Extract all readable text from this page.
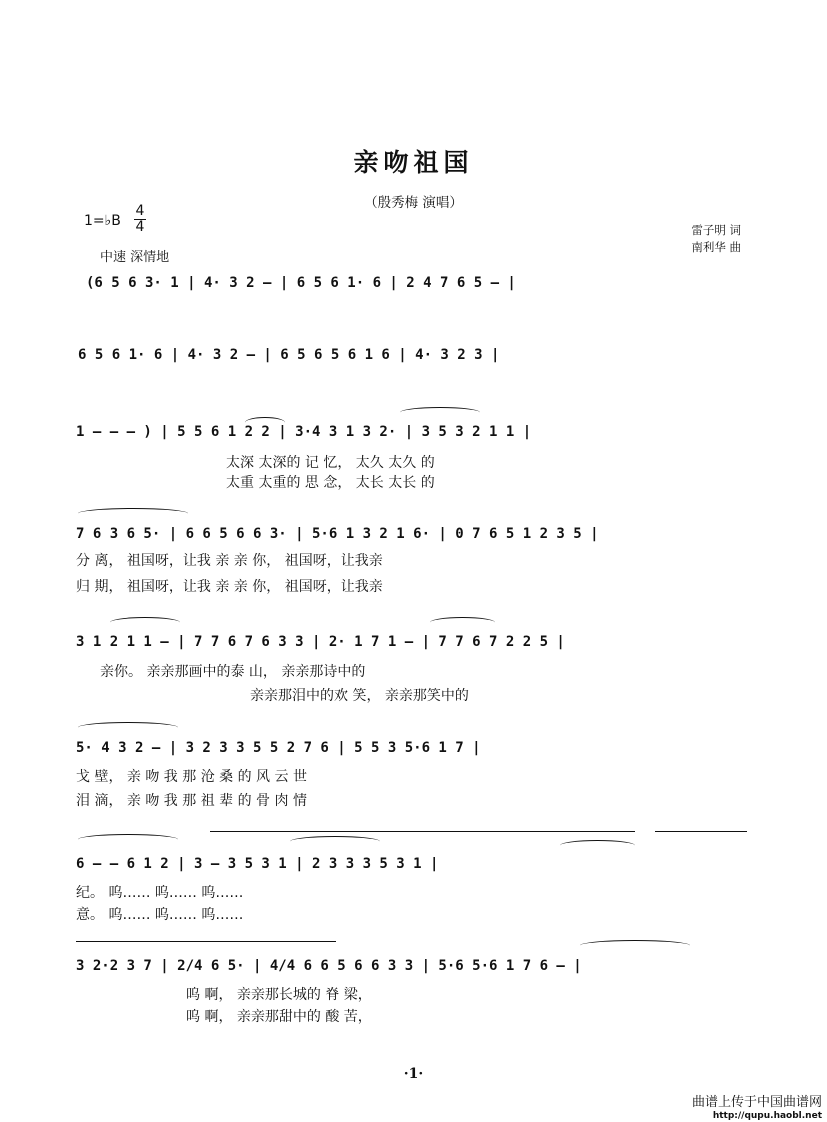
亲吻祖国
（殷秀梅 演唱）
1=♭B
4
4	雷子明 词
南利华 曲
中速 深情地
(6 5 6 3· 1 | 4· 3 2 – | 6 5 6 1· 6 | 2 4 7 6 5 – |
6 5 6 1· 6 | 4· 3 2 – | 6 5 6 5 6 1 6 | 4· 3 2 3 |
1 – – – ) | 5 5 6 1 2 2 | 3·4 3 1 3 2· | 3 5 3 2 1 1 |
太深 太深的 记 忆， 太久 太久 的
太重 太重的 思 念， 太长 太长 的
7 6 3 6 5· | 6 6 5 6 6 3· | 5·6 1 3 2 1 6· | 0 7 6 5 1 2 3 5 |
分 离， 祖国呀，让我 亲 亲 你， 祖国呀，让我亲
归 期， 祖国呀，让我 亲 亲 你， 祖国呀，让我亲
3 1 2 1 1 – | 7 7 6 7 6 3 3 | 2· 1 7 1 – | 7 7 6 7 2 2 5 |
亲你。 亲亲那画中的泰 山， 亲亲那诗中的
亲亲那泪中的欢 笑， 亲亲那笑中的
5· 4 3 2 – | 3 2 3 3 5 5 2 7 6 | 5 5 3 5·6 1 7 |
戈 壁， 亲 吻 我 那 沧 桑 的 风 云 世
泪 滴， 亲 吻 我 那 祖 辈 的 骨 肉 情
6 – – 6 1 2 | 3 – 3 5 3 1 | 2 3 3 3 5 3 1 |
纪。 呜…… 呜…… 呜……
意。 呜…… 呜…… 呜……
3 2·2 3 7 | 2/4 6 5· | 4/4 6 6 5 6 6 3 3 | 5·6 5·6 1 7 6 – |
呜 啊， 亲亲那长城的 脊 梁，
呜 啊， 亲亲那甜中的 酸 苦，
·1·
曲谱上传于中国曲谱网
http://qupu.haobl.net
